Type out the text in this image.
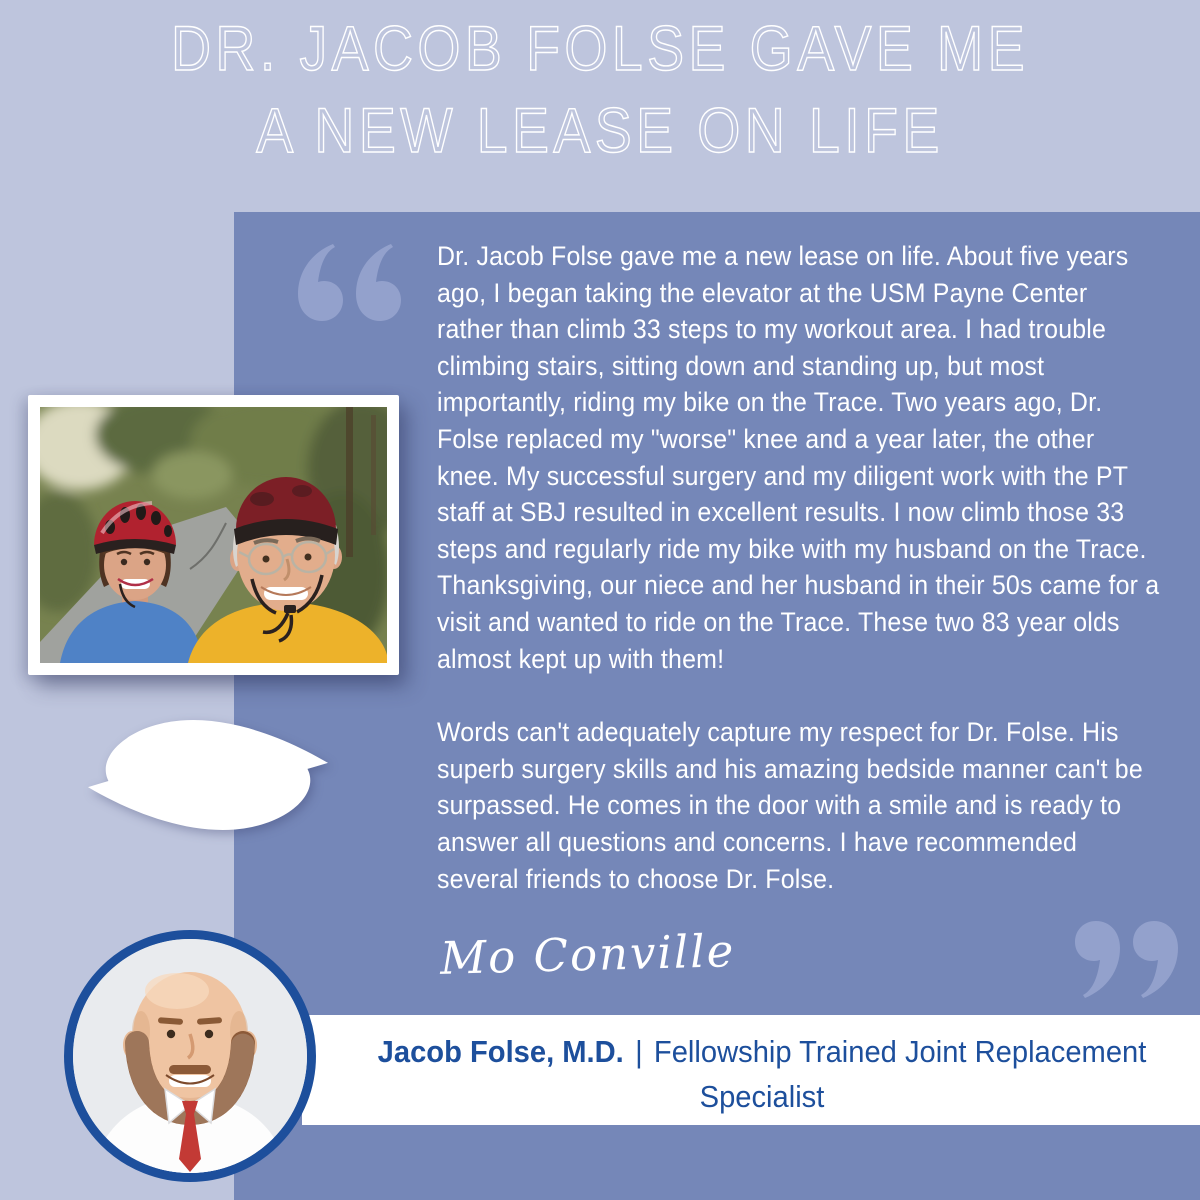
DR. JACOB FOLSE GAVE ME
A NEW LEASE ON LIFE

Dr. Jacob Folse gave me a new lease on life. About five years ago, I began taking the elevator at the USM Payne Center rather than climb 33 steps to my workout area. I had trouble climbing stairs, sitting down and standing up, but most importantly, riding my bike on the Trace. Two years ago, Dr. Folse replaced my "worse" knee and a year later, the other knee. My successful surgery and my diligent work with the PT staff at SBJ resulted in excellent results. I now climb those 33 steps and regularly ride my bike with my husband on the Trace. Thanksgiving, our niece and her husband in their 50s came for a visit and wanted to ride on the Trace. These two 83 year olds almost kept up with them!

Words can't adequately capture my respect for Dr. Folse. His superb surgery skills and his amazing bedside manner can't be surpassed. He comes in the door with a smile and is ready to answer all questions and concerns. I have recommended several friends to choose Dr. Folse.

Mo Conville
Jacob Folse, M.D. | Fellowship Trained Joint Replacement
Specialist
